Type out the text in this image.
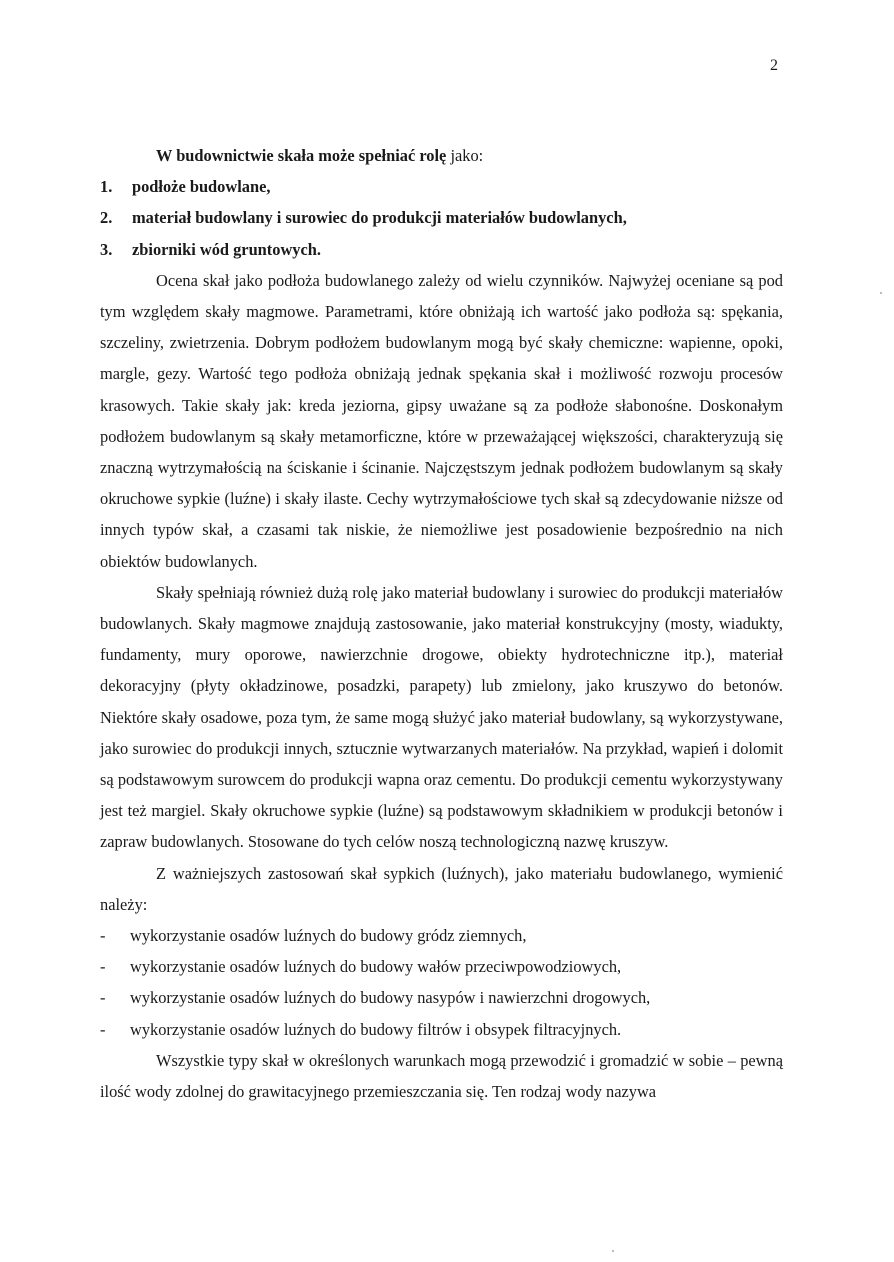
2

W budownictwie skała może spełniać rolę jako:

1.	podłoże budowlane,
2.	materiał budowlany i surowiec do produkcji materiałów budowlanych,
3.	zbiorniki wód gruntowych.

Ocena skał jako podłoża budowlanego zależy od wielu czynników. Najwyżej oceniane są pod tym względem skały magmowe. Parametrami, które obniżają ich wartość jako podłoża są: spękania, szczeliny, zwietrzenia. Dobrym podłożem budowlanym mogą być skały chemiczne: wapienne, opoki, margle, gezy. Wartość tego podłoża obniżają jednak spękania skał i możliwość rozwoju procesów krasowych. Takie skały jak: kreda jeziorna, gipsy uważane są za podłoże słabonośne. Doskonałym podłożem budowlanym są skały metamorficzne, które w przeważającej większości, charakteryzują się znaczną wytrzymałością na ściskanie i ścinanie. Najczęstszym jednak podłożem budowlanym są skały okruchowe sypkie (luźne) i skały ilaste. Cechy wytrzymałościowe tych skał są zdecydowanie niższe od innych typów skał, a czasami tak niskie, że niemożliwe jest posadowienie bezpośrednio na nich obiektów budowlanych.

Skały spełniają również dużą rolę jako materiał budowlany i surowiec do produkcji materiałów budowlanych. Skały magmowe znajdują zastosowanie, jako materiał konstrukcyjny (mosty, wiadukty, fundamenty, mury oporowe, nawierzchnie drogowe, obiekty hydrotechniczne itp.), materiał dekoracyjny (płyty okładzinowe, posadzki, parapety) lub zmielony, jako kruszywo do betonów. Niektóre skały osadowe, poza tym, że same mogą służyć jako materiał budowlany, są wykorzystywane, jako surowiec do produkcji innych, sztucznie wytwarzanych materiałów. Na przykład, wapień i dolomit są podstawowym surowcem do produkcji wapna oraz cementu. Do produkcji cementu wykorzystywany jest też margiel. Skały okruchowe sypkie (luźne) są podstawowym składnikiem w produkcji betonów i zapraw budowlanych. Stosowane do tych celów noszą technologiczną nazwę kruszyw.

Z ważniejszych zastosowań skał sypkich (luźnych), jako materiału budowlanego, wymienić należy:

-	wykorzystanie osadów luźnych do budowy gródz ziemnych,
-	wykorzystanie osadów luźnych do budowy wałów przeciwpowodziowych,
-	wykorzystanie osadów luźnych do budowy nasypów i nawierzchni drogowych,
-	wykorzystanie osadów luźnych do budowy filtrów i obsypek filtracyjnych.

Wszystkie typy skał w określonych warunkach mogą przewodzić i gromadzić w sobie – pewną ilość wody zdolnej do grawitacyjnego przemieszczania się. Ten rodzaj wody nazywa
